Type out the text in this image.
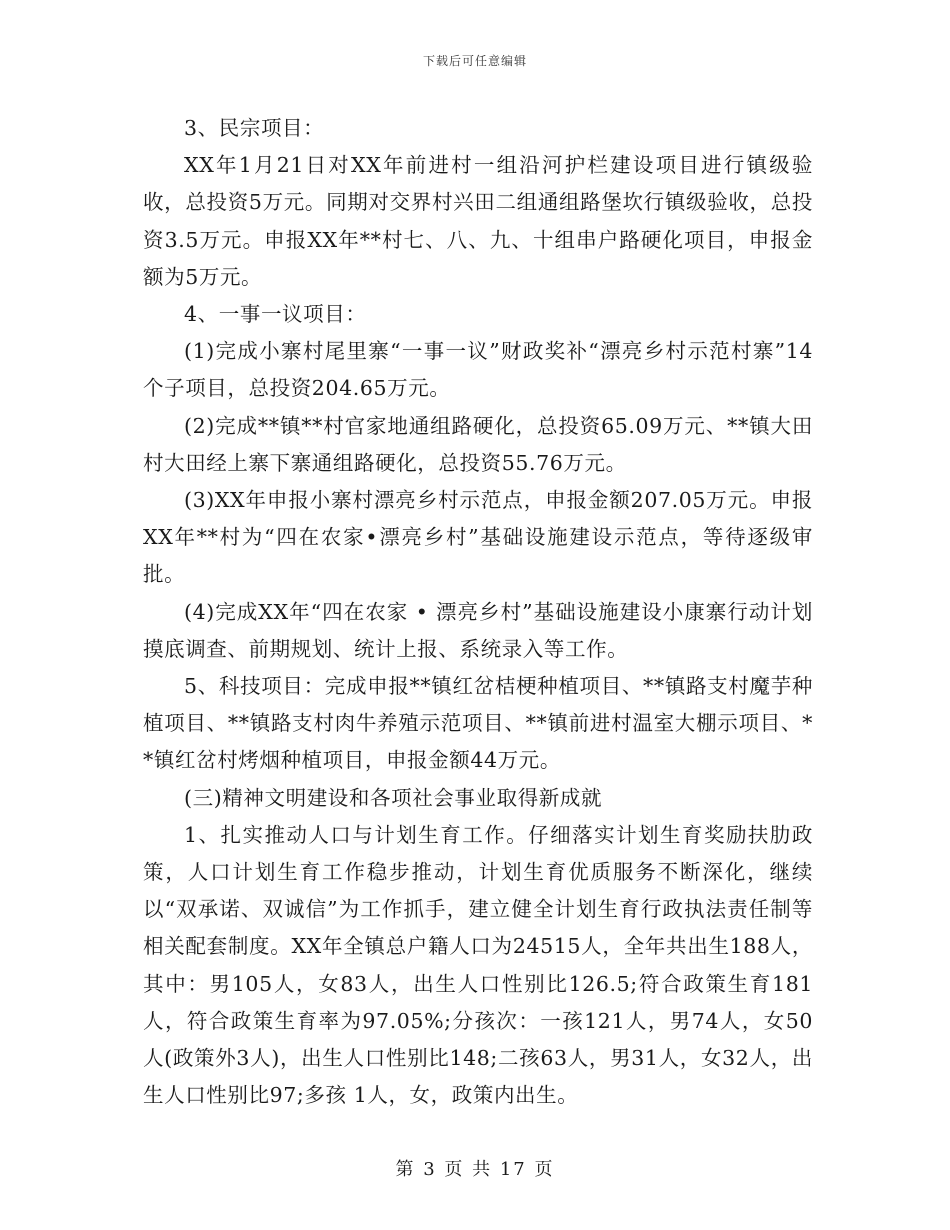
下载后可任意编辑

3、民宗项目：

XX年1月21日对XX年前进村一组沿河护栏建设项目进行镇级验收，总投资5万元。同期对交界村兴田二组通组路堡坎行镇级验收，总投资3.5万元。申报XX年**村七、八、九、十组串户路硬化项目，申报金额为5万元。

4、一事一议项目：

(1)完成小寨村尾里寨“一事一议”财政奖补“漂亮乡村示范村寨”14个子项目，总投资204.65万元。

(2)完成**镇**村官家地通组路硬化，总投资65.09万元、**镇大田村大田经上寨下寨通组路硬化，总投资55.76万元。

(3)XX年申报小寨村漂亮乡村示范点，申报金额207.05万元。申报XX年**村为“四在农家•漂亮乡村”基础设施建设示范点，等待逐级审批。

(4)完成XX年“四在农家 • 漂亮乡村”基础设施建设小康寨行动计划摸底调查、前期规划、统计上报、系统录入等工作。

5、科技项目：完成申报**镇红岔桔梗种植项目、**镇路支村魔芋种植项目、**镇路支村肉牛养殖示范项目、**镇前进村温室大棚示项目、**镇红岔村烤烟种植项目，申报金额44万元。

(三)精神文明建设和各项社会事业取得新成就

1、扎实推动人口与计划生育工作。仔细落实计划生育奖励扶肋政策，人口计划生育工作稳步推动，计划生育优质服务不断深化，继续以“双承诺、双诚信”为工作抓手，建立健全计划生育行政执法责任制等相关配套制度。XX年全镇总户籍人口为24515人，全年共出生188人，其中：男105人，女83人，出生人口性别比126.5;符合政策生育181人，符合政策生育率为97.05%;分孩次：一孩121人，男74人，女50人(政策外3人)，出生人口性别比148;二孩63人，男31人，女32人，出生人口性别比97;多孩 1人，女，政策内出生。

第 3 页 共 17 页
